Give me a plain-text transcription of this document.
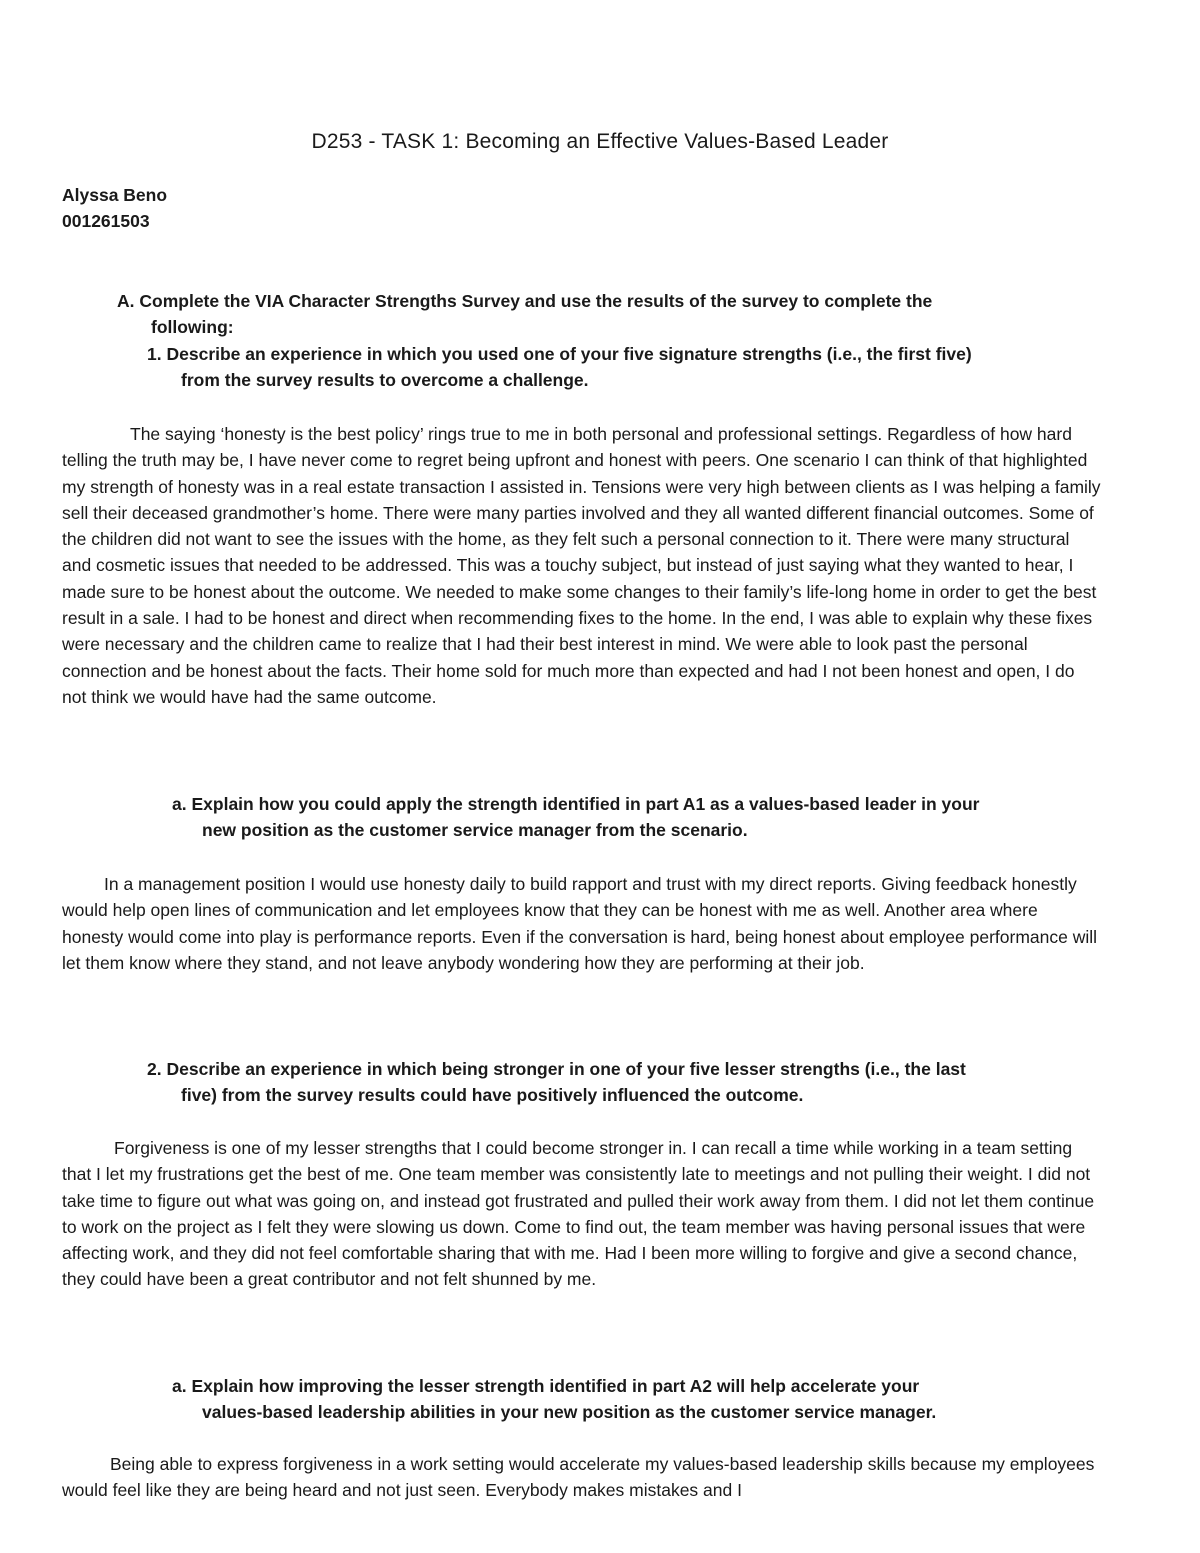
D253 - TASK 1: Becoming an Effective Values-Based Leader
Alyssa Beno
001261503
A. Complete the VIA Character Strengths Survey and use the results of the survey to complete the
following:
1. Describe an experience in which you used one of your five signature strengths (i.e., the first five)
from the survey results to overcome a challenge.

The saying ‘honesty is the best policy’ rings true to me in both personal and professional settings. Regardless of how hard telling the truth may be, I have never come to regret being upfront and honest with peers. One scenario I can think of that highlighted my strength of honesty was in a real estate transaction I assisted in. Tensions were very high between clients as I was helping a family sell their deceased grandmother’s home. There were many parties involved and they all wanted different financial outcomes. Some of the children did not want to see the issues with the home, as they felt such a personal connection to it. There were many structural and cosmetic issues that needed to be addressed. This was a touchy subject, but instead of just saying what they wanted to hear, I made sure to be honest about the outcome. We needed to make some changes to their family’s life-long home in order to get the best result in a sale. I had to be honest and direct when recommending fixes to the home. In the end, I was able to explain why these fixes were necessary and the children came to realize that I had their best interest in mind. We were able to look past the personal connection and be honest about the facts. Their home sold for much more than expected and had I not been honest and open, I do not think we would have had the same outcome.

a. Explain how you could apply the strength identified in part A1 as a values-based leader in your
new position as the customer service manager from the scenario.

In a management position I would use honesty daily to build rapport and trust with my direct reports. Giving feedback honestly would help open lines of communication and let employees know that they can be honest with me as well. Another area where honesty would come into play is performance reports. Even if the conversation is hard, being honest about employee performance will let them know where they stand, and not leave anybody wondering how they are performing at their job.

2. Describe an experience in which being stronger in one of your five lesser strengths (i.e., the last
five) from the survey results could have positively influenced the outcome.

Forgiveness is one of my lesser strengths that I could become stronger in. I can recall a time while working in a team setting that I let my frustrations get the best of me. One team member was consistently late to meetings and not pulling their weight. I did not take time to figure out what was going on, and instead got frustrated and pulled their work away from them. I did not let them continue to work on the project as I felt they were slowing us down. Come to find out, the team member was having personal issues that were affecting work, and they did not feel comfortable sharing that with me. Had I been more willing to forgive and give a second chance, they could have been a great contributor and not felt shunned by me.

a. Explain how improving the lesser strength identified in part A2 will help accelerate your
values-based leadership abilities in your new position as the customer service manager.

Being able to express forgiveness in a work setting would accelerate my values-based leadership skills because my employees would feel like they are being heard and not just seen. Everybody makes mistakes and I
